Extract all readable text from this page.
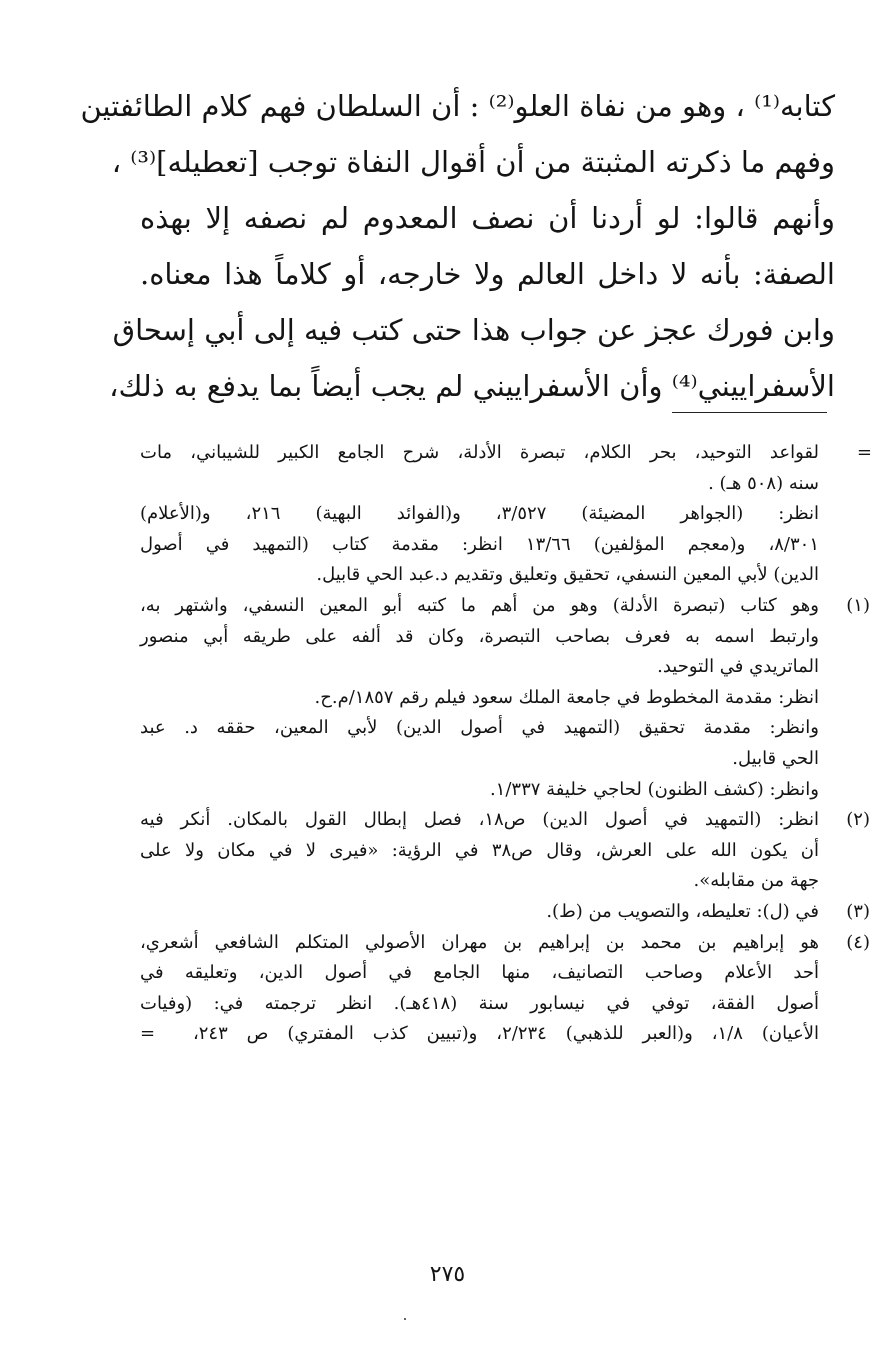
كتابه⁽¹⁾ ، وهو من نفاة العلو⁽²⁾ : أن السلطان فهم كلام الطائفتين
وفهم ما ذكرته المثبتة من أن أقوال النفاة توجب [تعطيله]⁽³⁾ ،
وأنهم قالوا: لو أردنا أن نصف المعدوم لم نصفه إلا بهذه
الصفة: بأنه لا داخل العالم ولا خارجه، أو كلاماً هذا معناه.
وابن فورك عجز عن جواب هذا حتى كتب فيه إلى أبي إسحاق
الأسفراييني⁽⁴⁾ وأن الأسفراييني لم يجب أيضاً بما يدفع به ذلك،
=
لقواعد التوحيد، بحر الكلام، تبصرة الأدلة، شرح الجامع الكبير للشيباني، مات
سنه (٥٠٨ هـ) .
انظر: (الجواهر المضيئة) ٣/٥٢٧، و(الفوائد البهية) ٢١٦، و(الأعلام)
٨/٣٠١، و(معجم المؤلفين) ١٣/٦٦ انظر: مقدمة كتاب (التمهيد في أصول
الدين) لأبي المعين النسفي، تحقيق وتعليق وتقديم د.عبد الحي قابيل.
(١)
وهو كتاب (تبصرة الأدلة) وهو من أهم ما كتبه أبو المعين النسفي، واشتهر به،
وارتبط اسمه به فعرف بصاحب التبصرة، وكان قد ألفه على طريقه أبي منصور
الماتريدي في التوحيد.
انظر: مقدمة المخطوط في جامعة الملك سعود فيلم رقم ١٨٥٧/م.ح.
وانظر: مقدمة تحقيق (التمهيد في أصول الدين) لأبي المعين، حققه د. عبد
الحي قابيل.
وانظر: (كشف الظنون) لحاجي خليفة ١/٣٣٧.
(٢)
انظر: (التمهيد في أصول الدين) ص١٨، فصل إبطال القول بالمكان. أنكر فيه
أن يكون الله على العرش، وقال ص٣٨ في الرؤية: «فيرى لا في مكان ولا على
جهة من مقابله».
(٣)
في (ل): تعليطه، والتصويب من (ط).
(٤)
هو إبراهيم بن محمد بن إبراهيم بن مهران الأصولي المتكلم الشافعي أشعري،
أحد الأعلام وصاحب التصانيف، منها الجامع في أصول الدين، وتعليقه في
أصول الفقة، توفي في نيسابور سنة (٤١٨هـ). انظر ترجمته في: (وفيات
الأعيان) ١/٨، و(العبر للذهبي) ٢/٢٣٤، و(تبيين كذب المفتري) ص ٢٤٣،  =
٢٧٥
